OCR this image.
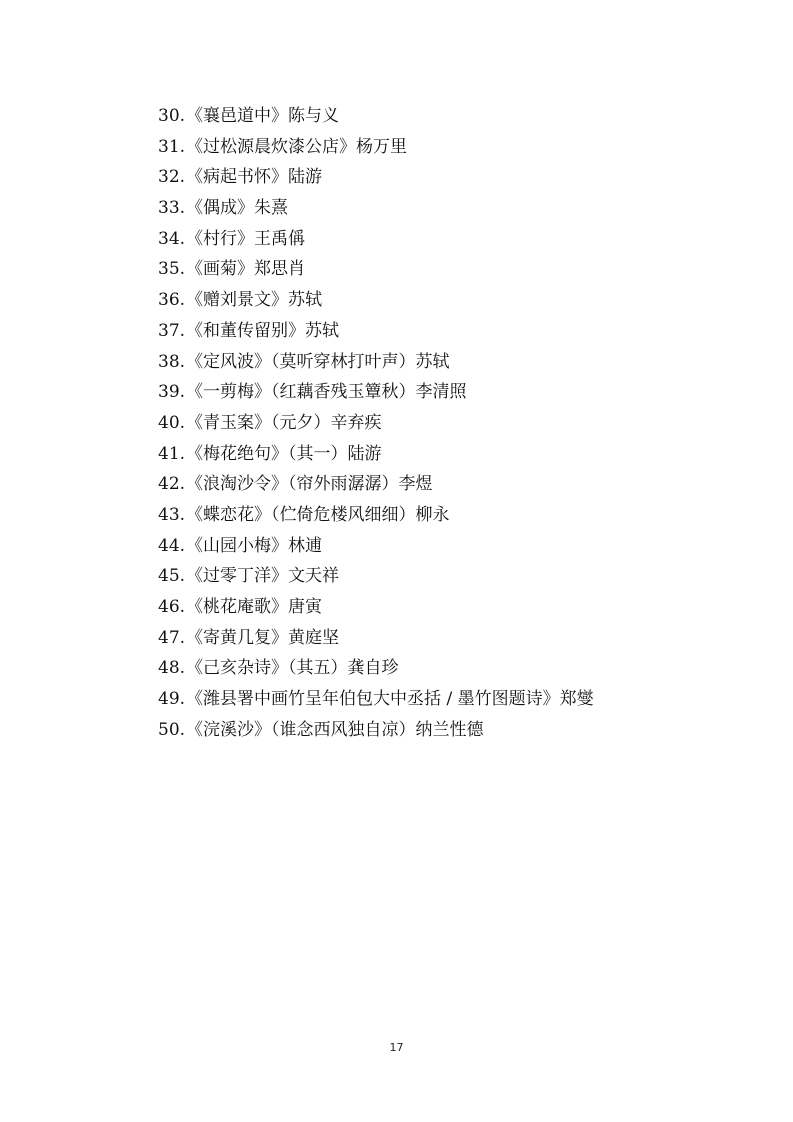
30.《襄邑道中》陈与义
31.《过松源晨炊漆公店》杨万里
32.《病起书怀》陆游
33.《偶成》朱熹
34.《村行》王禹偁
35.《画菊》郑思肖
36.《赠刘景文》苏轼
37.《和董传留别》苏轼
38.《定风波》（莫听穿林打叶声）苏轼
39.《一剪梅》（红藕香残玉簟秋）李清照
40.《青玉案》（元夕）辛弃疾
41.《梅花绝句》（其一）陆游
42.《浪淘沙令》（帘外雨潺潺）李煜
43.《蝶恋花》（伫倚危楼风细细）柳永
44.《山园小梅》林逋
45.《过零丁洋》文天祥
46.《桃花庵歌》唐寅
47.《寄黄几复》黄庭坚
48.《己亥杂诗》（其五）龚自珍
49.《潍县署中画竹呈年伯包大中丞括 / 墨竹图题诗》郑燮
50.《浣溪沙》（谁念西风独自凉）纳兰性德
17
